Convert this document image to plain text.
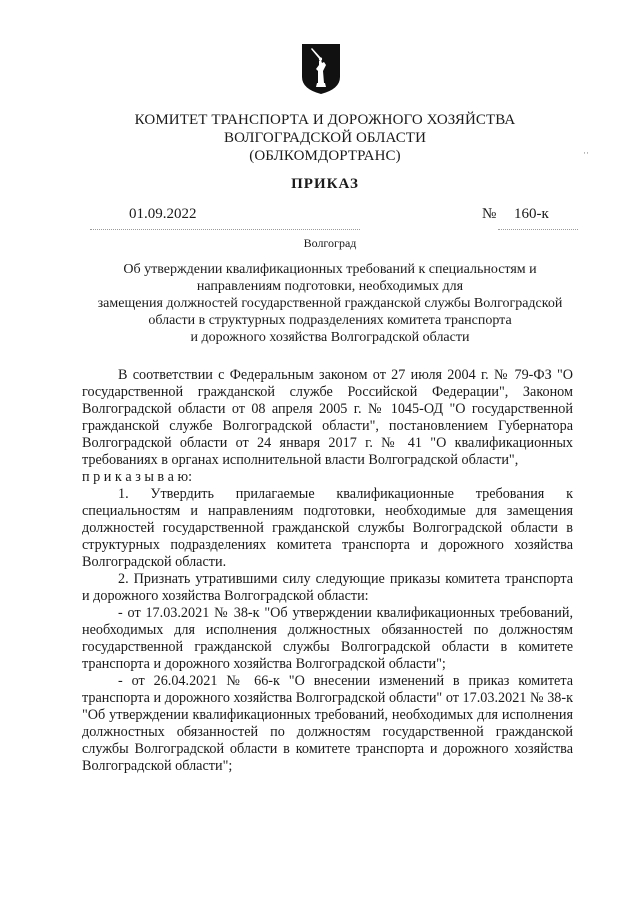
КОМИТЕТ ТРАНСПОРТА И ДОРОЖНОГО ХОЗЯЙСТВА
ВОЛГОГРАДСКОЙ ОБЛАСТИ
(ОБЛКОМДОРТРАНС)	··
ПРИКАЗ
01.09.2022	№ 160-к
Волгоград
Об утверждении квалификационных требований к специальностям и
направлениям подготовки, необходимых для
замещения должностей государственной гражданской службы Волгоградской
области в структурных подразделениях комитета транспорта
и дорожного хозяйства Волгоградской области

В соответствии с Федеральным законом от 27 июля 2004 г. № 79-ФЗ "О государственной гражданской службе Российской Федерации", Законом Волгоградской области от 08 апреля 2005 г. № 1045-ОД "О государственной гражданской службе Волгоградской области", постановлением Губернатора Волгоградской области от 24 января 2017 г. № 41 "О квалификационных требованиях в органах исполнительной власти Волгоградской области",

п р и к а з ы в а ю:

1. Утвердить прилагаемые квалификационные требования к специальностям и направлениям подготовки, необходимые для замещения должностей государственной гражданской службы Волгоградской области в структурных подразделениях комитета транспорта и дорожного хозяйства Волгоградской области.

2. Признать утратившими силу следующие приказы комитета транспорта и дорожного хозяйства Волгоградской области:

- от 17.03.2021 № 38-к "Об утверждении квалификационных требований, необходимых для исполнения должностных обязанностей по должностям государственной гражданской службы Волгоградской области в комитете транспорта и дорожного хозяйства Волгоградской области";

- от 26.04.2021 № 66-к "О внесении изменений в приказ комитета транспорта и дорожного хозяйства Волгоградской области" от 17.03.2021 № 38-к "Об утверждении квалификационных требований, необходимых для исполнения должностных обязанностей по должностям государственной гражданской службы Волгоградской области в комитете транспорта и дорожного хозяйства Волгоградской области";
